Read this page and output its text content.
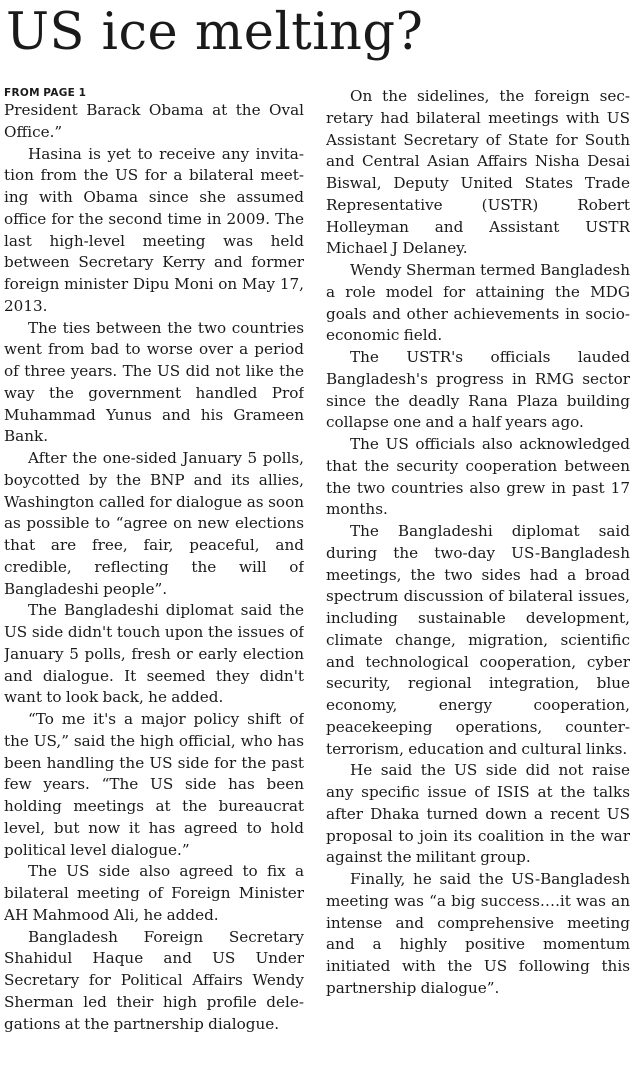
US ice melting?
FROM PAGE 1

President Barack Obama at the Oval Office.”

Hasina is yet to receive any invitation from the US for a bilateral meeting with Obama since she assumed office for the second time in 2009. The last high-level meeting was held between Secretary Kerry and former foreign minister Dipu Moni on May 17, 2013.

The ties between the two countries went from bad to worse over a period of three years. The US did not like the way the government handled Prof Muhammad Yunus and his Grameen Bank.

After the one-sided January 5 polls, boycotted by the BNP and its allies, Washington called for dialogue as soon as possible to “agree on new elections that are free, fair, peaceful, and credible, reflecting the will of Bangladeshi people”.

The Bangladeshi diplomat said the US side didn't touch upon the issues of January 5 polls, fresh or early election and dialogue. It seemed they didn't want to look back, he added.

“To me it's a major policy shift of the US,” said the high official, who has been handling the US side for the past few years. “The US side has been holding meetings at the bureaucrat level, but now it has agreed to hold political level dialogue.”

The US side also agreed to fix a bilateral meeting of Foreign Minister AH Mahmood Ali, he added.

Bangladesh Foreign Secretary Shahidul Haque and US Under Secretary for Political Affairs Wendy Sherman led their high profile delegations at the partnership dialogue.

On the sidelines, the foreign secretary had bilateral meetings with US Assistant Secretary of State for South and Central Asian Affairs Nisha Desai Biswal, Deputy United States Trade Representative (USTR) Robert Holleyman and Assistant USTR Michael J Delaney.

Wendy Sherman termed Bangladesh a role model for attaining the MDG goals and other achievements in socio-economic field.

The USTR's officials lauded Bangladesh's progress in RMG sector since the deadly Rana Plaza building collapse one and a half years ago.

The US officials also acknowledged that the security cooperation between the two countries also grew in past 17 months.

The Bangladeshi diplomat said during the two-day US-Bangladesh meetings, the two sides had a broad spectrum discussion of bilateral issues, including sustainable development, climate change, migration, scientific and technological cooperation, cyber security, regional integration, blue economy, energy cooperation, peacekeeping operations, counter-terrorism, education and cultural links.

He said the US side did not raise any specific issue of ISIS at the talks after Dhaka turned down a recent US proposal to join its coalition in the war against the militant group.

Finally, he said the US-Bangladesh meeting was “a big success….it was an intense and comprehensive meeting and a highly positive momentum initiated with the US following this partnership dialogue”.
